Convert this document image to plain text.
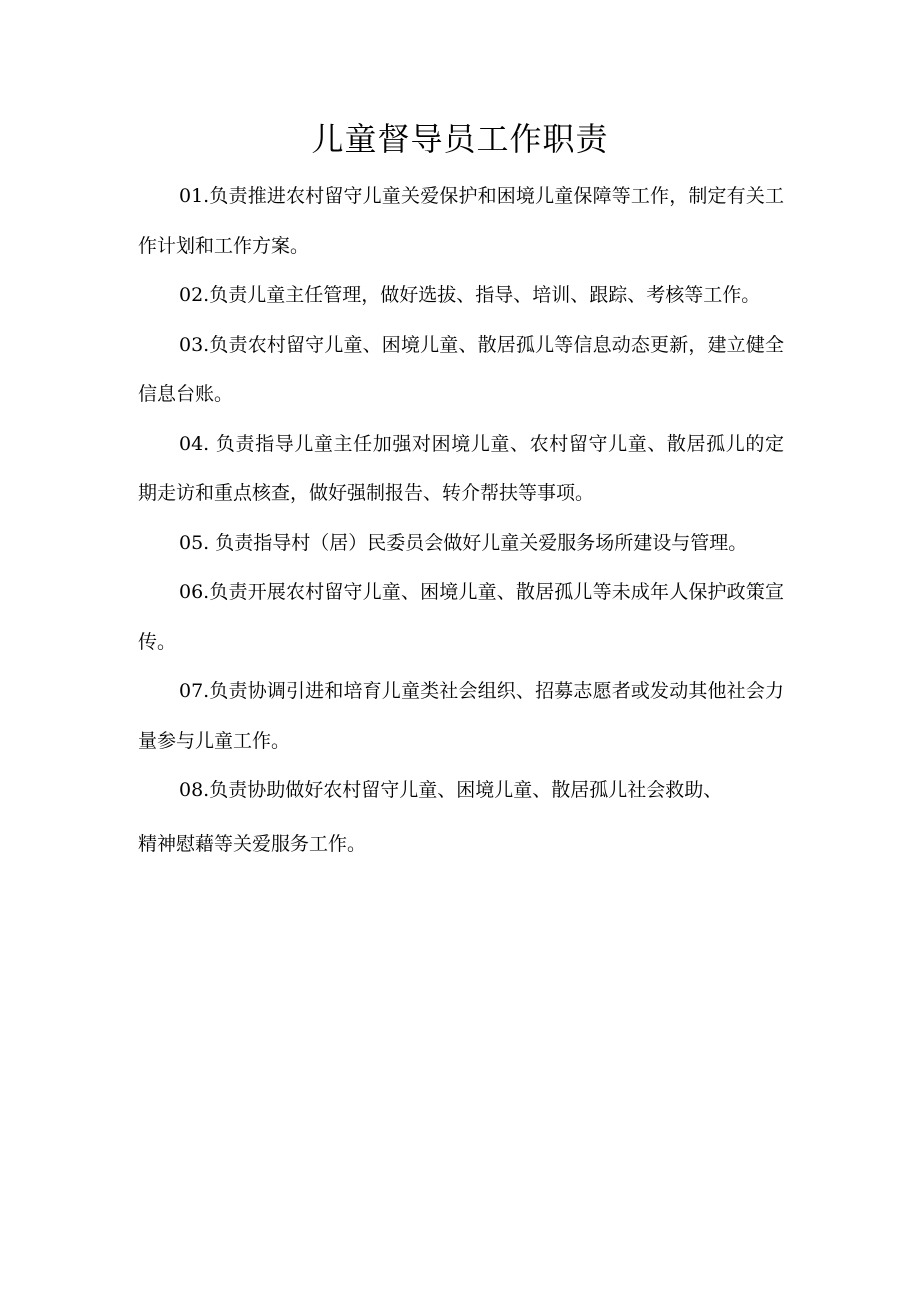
儿童督导员工作职责

01.负责推进农村留守儿童关爱保护和困境儿童保障等工作，制定有关工作计划和工作方案。

02.负责儿童主任管理，做好选拔、指导、培训、跟踪、考核等工作。

03.负责农村留守儿童、困境儿童、散居孤儿等信息动态更新，建立健全信息台账。

04. 负责指导儿童主任加强对困境儿童、农村留守儿童、散居孤儿的定期走访和重点核查，做好强制报告、转介帮扶等事项。

05. 负责指导村（居）民委员会做好儿童关爱服务场所建设与管理。

06.负责开展农村留守儿童、困境儿童、散居孤儿等未成年人保护政策宣传。

07.负责协调引进和培育儿童类社会组织、招募志愿者或发动其他社会力量参与儿童工作。

08.负责协助做好农村留守儿童、困境儿童、散居孤儿社会救助、
精神慰藉等关爱服务工作。
